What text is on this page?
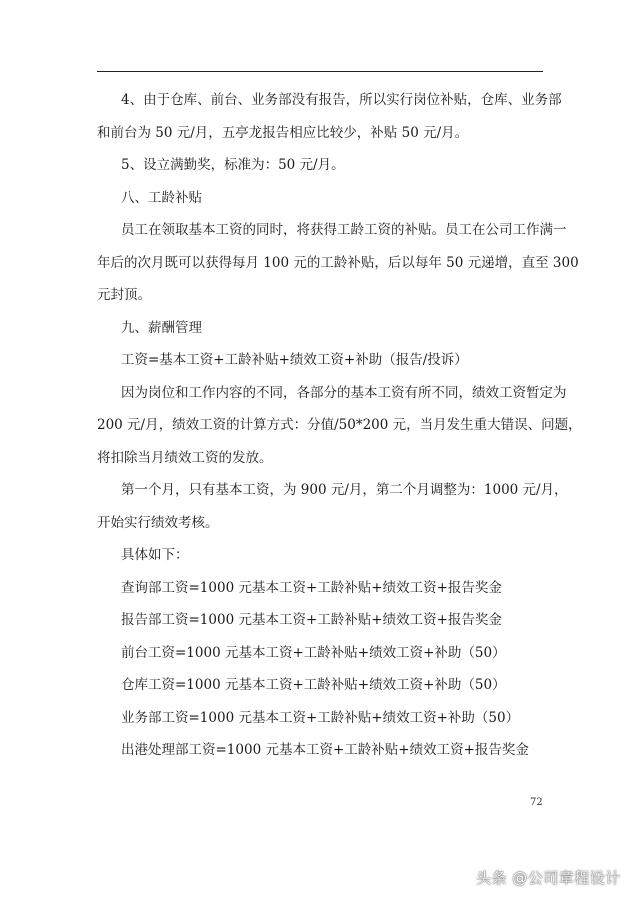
4、由于仓库、前台、业务部没有报告，所以实行岗位补贴，仓库、业务部

和前台为 50 元/月，五亭龙报告相应比较少，补贴 50 元/月。

5、设立满勤奖，标准为：50 元/月。

八、工龄补贴

员工在领取基本工资的同时，将获得工龄工资的补贴。员工在公司工作满一

年后的次月既可以获得每月 100 元的工龄补贴，后以每年 50 元递增，直至 300

元封顶。

九、薪酬管理

工资=基本工资+工龄补贴+绩效工资+补助（报告/投诉）

因为岗位和工作内容的不同，各部分的基本工资有所不同，绩效工资暂定为

200 元/月，绩效工资的计算方式：分值/50*200 元，当月发生重大错误、问题，

将扣除当月绩效工资的发放。

第一个月，只有基本工资，为 900 元/月，第二个月调整为：1000 元/月，

开始实行绩效考核。

具体如下：

查询部工资=1000 元基本工资+工龄补贴+绩效工资+报告奖金

报告部工资=1000 元基本工资+工龄补贴+绩效工资+报告奖金

前台工资=1000 元基本工资+工龄补贴+绩效工资+补助（50）

仓库工资=1000 元基本工资+工龄补贴+绩效工资+补助（50）

业务部工资=1000 元基本工资+工龄补贴+绩效工资+补助（50）

出港处理部工资=1000 元基本工资+工龄补贴+绩效工资+报告奖金

72
头条 @公司章程设计
